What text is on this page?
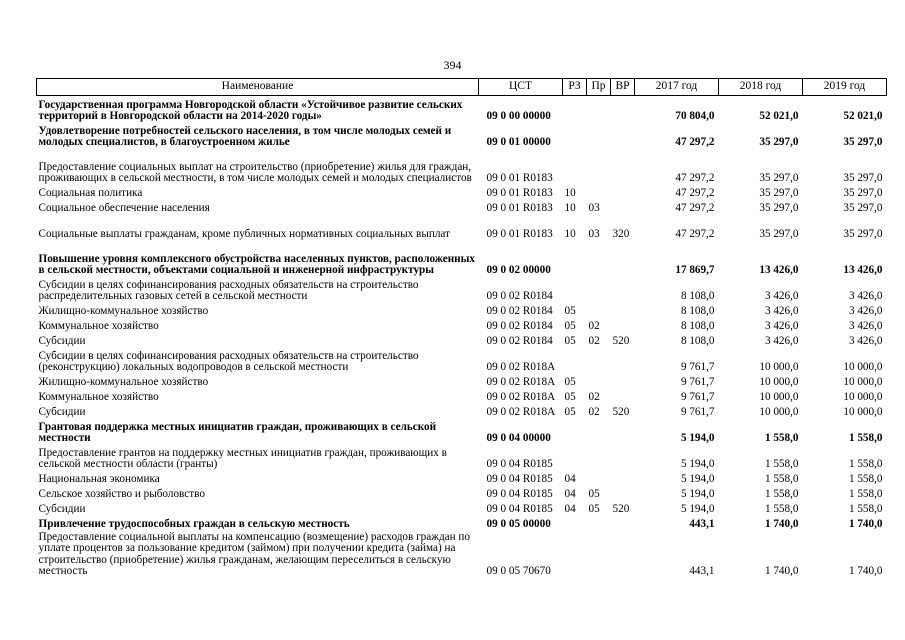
394
Наименование	ЦСТ	РЗ	Пр	ВР	2017 год	2018 год	2019 год
Государственная программа Новгородской области «Устойчивое развитие сельских территорий в Новгородской области на 2014-2020 годы»	09 0 00 00000				70 804,0	52 021,0	52 021,0
Удовлетворение потребностей сельского населения, в том числе молодых семей и молодых специалистов, в благоустроенном жилье	09 0 01 00000				47 297,2	35 297,0	35 297,0
Предоставление социальных выплат на строительство (приобретение) жилья для граждан, проживающих в сельской местности, в том числе молодых семей и молодых специалистов	09 0 01 R0183				47 297,2	35 297,0	35 297,0
Социальная политика	09 0 01 R0183	10			47 297,2	35 297,0	35 297,0
Социальное обеспечение населения	09 0 01 R0183	10	03		47 297,2	35 297,0	35 297,0
Социальные выплаты гражданам, кроме публичных нормативных социальных выплат	09 0 01 R0183	10	03	320	47 297,2	35 297,0	35 297,0
Повышение уровня комплексного обустройства населенных пунктов, расположенных в сельской местности, объектами социальной и инженерной инфраструктуры	09 0 02 00000				17 869,7	13 426,0	13 426,0
Субсидии в целях софинансирования расходных обязательств на строительство распределительных газовых сетей в сельской местности	09 0 02 R0184				8 108,0	3 426,0	3 426,0
Жилищно-коммунальное хозяйство	09 0 02 R0184	05			8 108,0	3 426,0	3 426,0
Коммунальное хозяйство	09 0 02 R0184	05	02		8 108,0	3 426,0	3 426,0
Субсидии	09 0 02 R0184	05	02	520	8 108,0	3 426,0	3 426,0
Субсидии в целях софинансирования расходных обязательств на строительство (реконструкцию) локальных водопроводов в сельской местности	09 0 02 R018A				9 761,7	10 000,0	10 000,0
Жилищно-коммунальное хозяйство	09 0 02 R018A	05			9 761,7	10 000,0	10 000,0
Коммунальное хозяйство	09 0 02 R018A	05	02		9 761,7	10 000,0	10 000,0
Субсидии	09 0 02 R018A	05	02	520	9 761,7	10 000,0	10 000,0
Грантовая поддержка местных инициатив граждан, проживающих в сельской местности	09 0 04 00000				5 194,0	1 558,0	1 558,0
Предоставление грантов на поддержку местных инициатив граждан, проживающих в сельской местности области (гранты)	09 0 04 R0185				5 194,0	1 558,0	1 558,0
Национальная экономика	09 0 04 R0185	04			5 194,0	1 558,0	1 558,0
Сельское хозяйство и рыболовство	09 0 04 R0185	04	05		5 194,0	1 558,0	1 558,0
Субсидии	09 0 04 R0185	04	05	520	5 194,0	1 558,0	1 558,0
Привлечение трудоспособных граждан в сельскую местность	09 0 05 00000				443,1	1 740,0	1 740,0
Предоставление социальной выплаты на компенсацию (возмещение) расходов граждан по уплате процентов за пользование кредитом (займом) при получении кредита (займа) на строительство (приобретение) жилья гражданам, желающим переселиться в сельскую местность	09 0 05 70670				443,1	1 740,0	1 740,0
